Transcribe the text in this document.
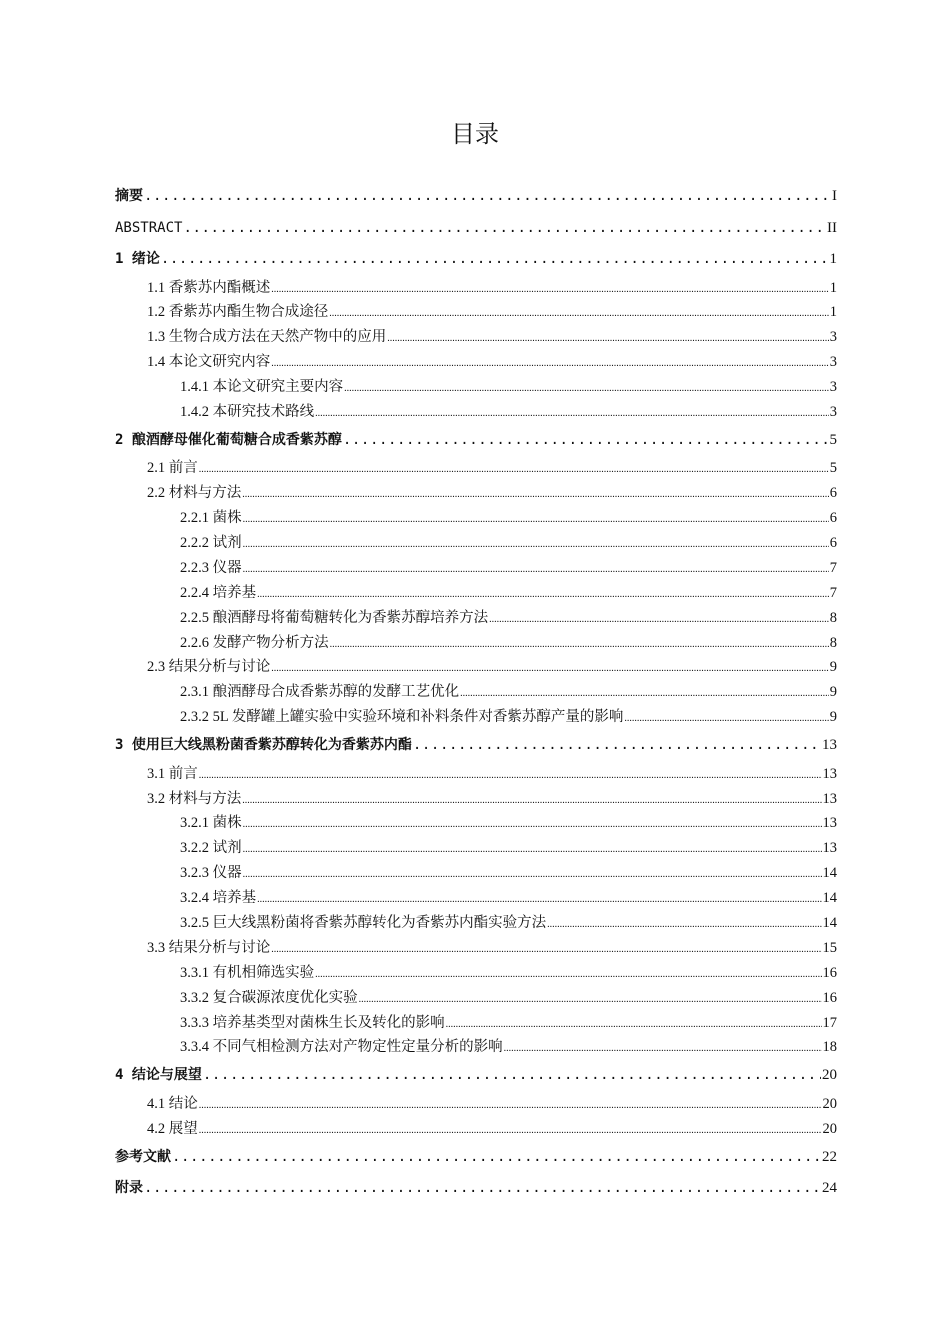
目录
摘要 .....	I
ABSTRACT .....	II
1 绪论 .....	1
1.1 香紫苏内酯概述 .....	1
1.2 香紫苏内酯生物合成途径 .....	1
1.3 生物合成方法在天然产物中的应用 .....	3
1.4 本论文研究内容 .....	3
1.4.1 本论文研究主要内容 .....	3
1.4.2 本研究技术路线 .....	3
2 酿酒酵母催化葡萄糖合成香紫苏醇 .....	5
2.1 前言 .....	5
2.2 材料与方法 .....	6
2.2.1 菌株 .....	6
2.2.2 试剂 .....	6
2.2.3 仪器 .....	7
2.2.4 培养基 .....	7
2.2.5 酿酒酵母将葡萄糖转化为香紫苏醇培养方法 .....	8
2.2.6 发酵产物分析方法 .....	8
2.3 结果分析与讨论 .....	9
2.3.1 酿酒酵母合成香紫苏醇的发酵工艺优化 .....	9
2.3.2 5L 发酵罐上罐实验中实验环境和补料条件对香紫苏醇产量的影响 .....	9
3 使用巨大线黑粉菌香紫苏醇转化为香紫苏内酯 .....	13
3.1 前言 .....	13
3.2 材料与方法 .....	13
3.2.1 菌株 .....	13
3.2.2 试剂 .....	13
3.2.3 仪器 .....	14
3.2.4 培养基 .....	14
3.2.5 巨大线黑粉菌将香紫苏醇转化为香紫苏内酯实验方法 .....	14
3.3 结果分析与讨论 .....	15
3.3.1 有机相筛选实验 .....	16
3.3.2 复合碳源浓度优化实验 .....	16
3.3.3 培养基类型对菌株生长及转化的影响 .....	17
3.3.4 不同气相检测方法对产物定性定量分析的影响 .....	18
4 结论与展望 .....	20
4.1 结论 .....	20
4.2 展望 .....	20
参考文献 .....	22
附录 .....	24
